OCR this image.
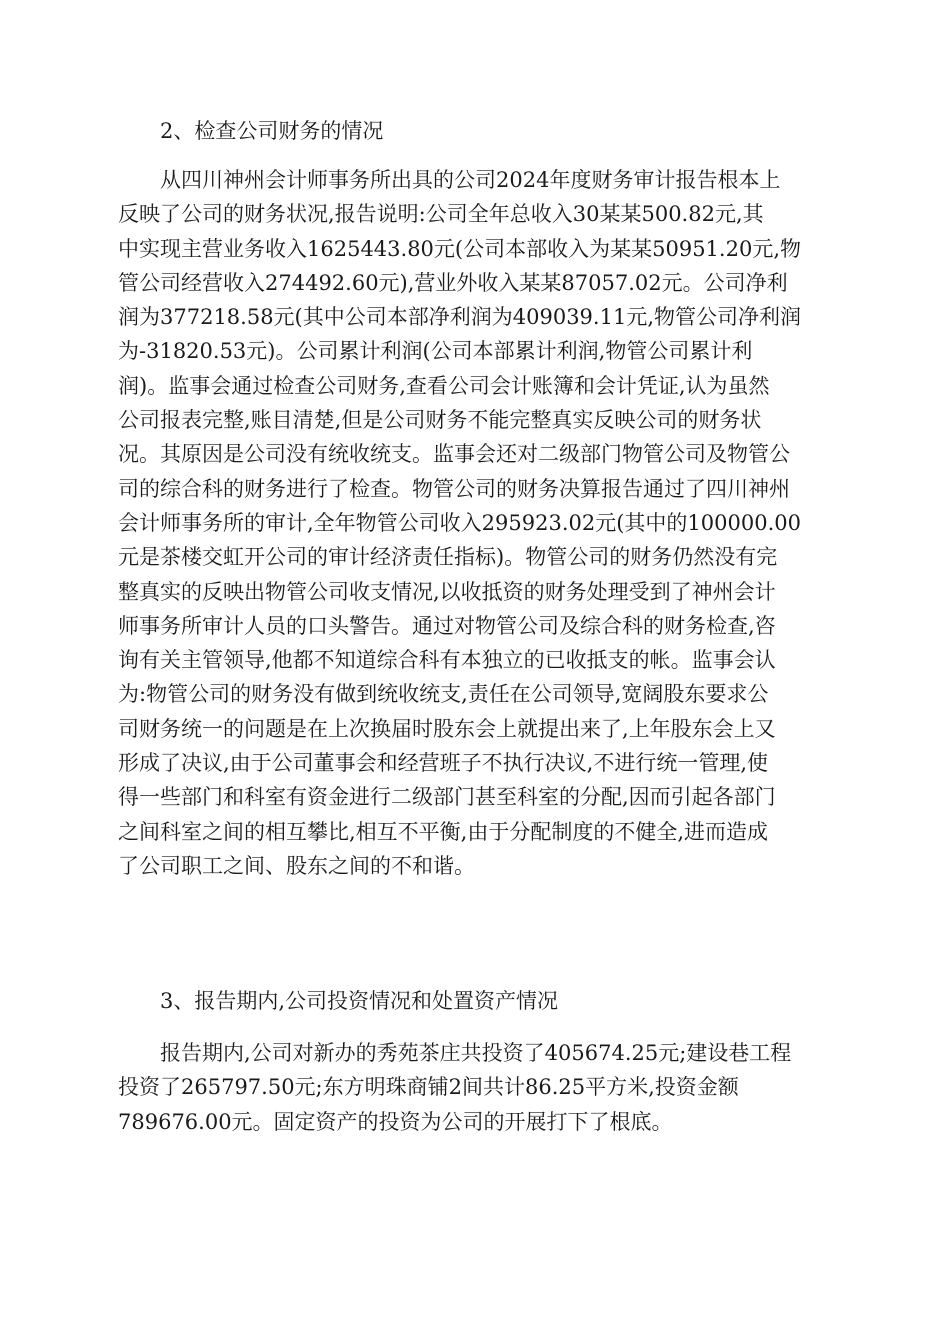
2、检查公司财务的情况
从四川神州会计师事务所出具的公司2024年度财务审计报告根本上
反映了公司的财务状况,报告说明:公司全年总收入30某某500.82元,其
中实现主营业务收入1625443.80元(公司本部收入为某某50951.20元,物
管公司经营收入274492.60元),营业外收入某某87057.02元。公司净利
润为377218.58元(其中公司本部净利润为409039.11元,物管公司净利润
为-31820.53元)。公司累计利润(公司本部累计利润,物管公司累计利
润)。监事会通过检查公司财务,查看公司会计账簿和会计凭证,认为虽然
公司报表完整,账目清楚,但是公司财务不能完整真实反映公司的财务状
况。其原因是公司没有统收统支。监事会还对二级部门物管公司及物管公
司的综合科的财务进行了检查。物管公司的财务决算报告通过了四川神州
会计师事务所的审计,全年物管公司收入295923.02元(其中的100000.00
元是茶楼交虹开公司的审计经济责任指标)。物管公司的财务仍然没有完
整真实的反映出物管公司收支情况,以收抵资的财务处理受到了神州会计
师事务所审计人员的口头警告。通过对物管公司及综合科的财务检查,咨
询有关主管领导,他都不知道综合科有本独立的已收抵支的帐。监事会认
为:物管公司的财务没有做到统收统支,责任在公司领导,宽阔股东要求公
司财务统一的问题是在上次换届时股东会上就提出来了,上年股东会上又
形成了决议,由于公司董事会和经营班子不执行决议,不进行统一管理,使
得一些部门和科室有资金进行二级部门甚至科室的分配,因而引起各部门
之间科室之间的相互攀比,相互不平衡,由于分配制度的不健全,进而造成
了公司职工之间、股东之间的不和谐。
3、报告期内,公司投资情况和处置资产情况
报告期内,公司对新办的秀苑茶庄共投资了405674.25元;建设巷工程
投资了265797.50元;东方明珠商铺2间共计86.25平方米,投资金额
789676.00元。固定资产的投资为公司的开展打下了根底。
